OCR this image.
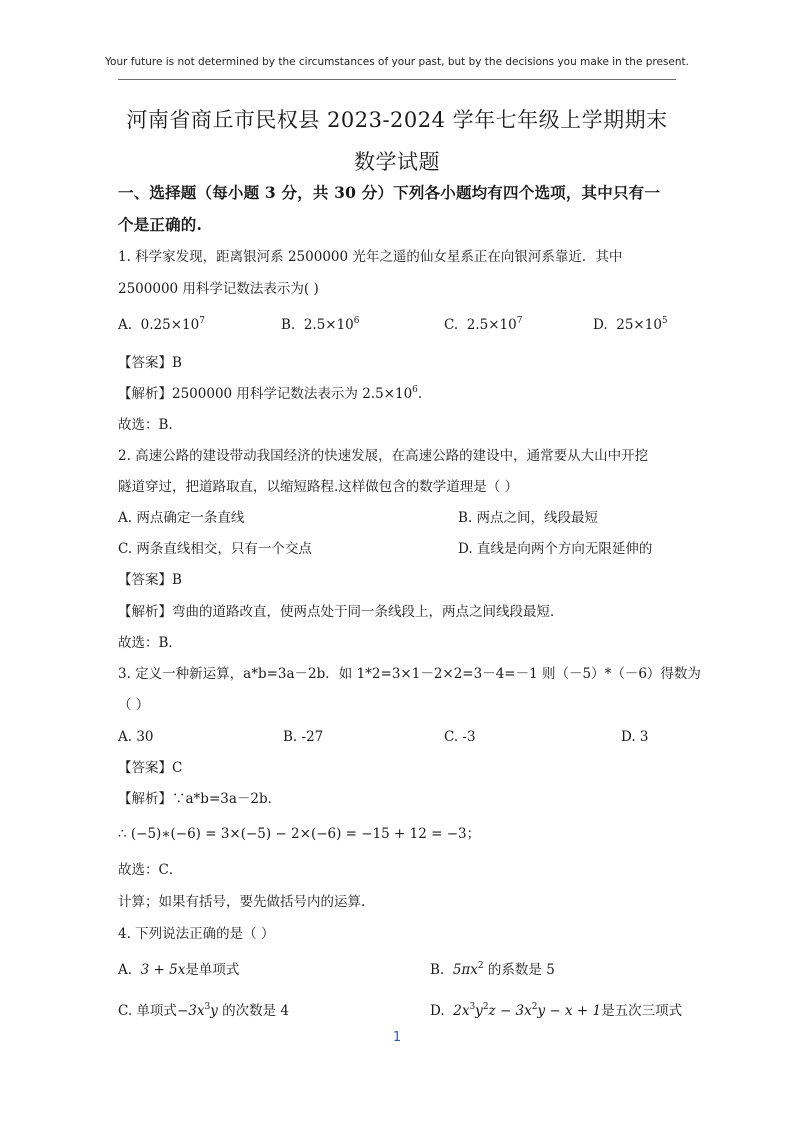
Your future is not determined by the circumstances of your past, but by the decisions you make in the present.
河南省商丘市民权县 2023-2024 学年七年级上学期期末
数学试题
一、选择题（每小题 3 分，共 30 分）下列各小题均有四个选项，其中只有一
个是正确的.
1. 科学家发现，距离银河系 2500000 光年之遥的仙女星系正在向银河系靠近．其中
2500000 用科学记数法表示为( )
A. $0.25\times 10^7$	B. $2.5\times 10^6$	C. $2.5\times 10^7$	D. $25\times 10^5$
【答案】B
【解析】2500000 用科学记数法表示为 $2.5\times 10^6$.
故选：B.
2. 高速公路的建设带动我国经济的快速发展，在高速公路的建设中，通常要从大山中开挖
隧道穿过，把道路取直，以缩短路程.这样做包含的数学道理是（ ）
A. 两点确定一条直线	B. 两点之间，线段最短
C. 两条直线相交，只有一个交点	D. 直线是向两个方向无限延伸的
【答案】B
【解析】弯曲的道路改直，使两点处于同一条线段上，两点之间线段最短．
故选：B．
3. 定义一种新运算，a*b=3a－2b．如 1*2=3×1－2×2=3－4=－1 则（－5）*（－6）得数为
（ ）
A. 30	B. -27	C. -3	D. 3
【答案】C
【解析】∵a*b=3a－2b．
∴ (−5)∗(−6) = 3×(−5) − 2×(−6) = −15 + 12 = −3；
故选：C．
计算；如果有括号，要先做括号内的运算.
4. 下列说法正确的是（ ）
A. 3 + 5x是单项式	B. $5\pi x^2$ 的系数是 5
C. 单项式$-3x^3y$ 的次数是 4	D. $2x^3y^2z - 3x^2y - x + 1$是五次三项式
1
